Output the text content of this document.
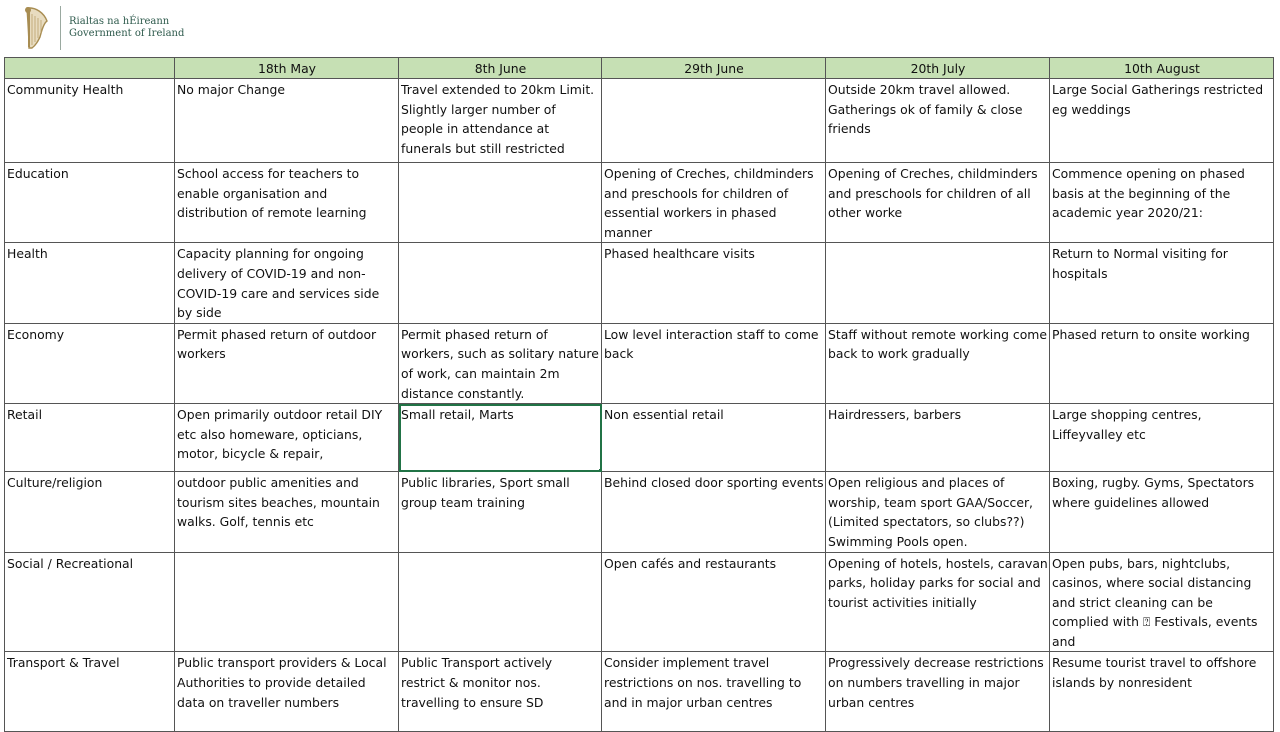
Rialtas na hÉireann
Government of Ireland
	18th May	8th June	29th June	20th July	10th August
Community Health	No major Change	Travel extended to 20km Limit. Slightly larger number of people in attendance at funerals but still restricted		Outside 20km travel allowed. Gatherings ok of family & close friends	Large Social Gatherings restricted eg weddings
Education	School access for teachers to enable organisation and distribution of remote learning		Opening of Creches, childminders and preschools for children of essential workers in phased manner	Opening of Creches, childminders and preschools for children of all other worke	Commence opening on phased basis at the beginning of the academic year 2020/21:
Health	Capacity planning for ongoing delivery of COVID-19 and non-COVID-19 care and services side by side		Phased healthcare visits		Return to Normal visiting for hospitals
Economy	Permit phased return of outdoor workers	Permit phased return of workers, such as solitary nature of work, can maintain 2m distance constantly.	Low level interaction staff to come back	Staff without remote working come back to work gradually	Phased return to onsite working
Retail	Open primarily outdoor retail DIY etc also homeware, opticians, motor, bicycle & repair,	Small retail, Marts	Non essential retail	Hairdressers, barbers	Large shopping centres, Liffeyvalley etc
Culture/religion	outdoor public amenities and tourism sites beaches, mountain walks. Golf, tennis etc	Public libraries, Sport small group team training	Behind closed door sporting events	Open religious and places of worship, team sport GAA/Soccer, (Limited spectators, so clubs??) Swimming Pools open.	Boxing, rugby. Gyms, Spectators where guidelines allowed
Social / Recreational			Open cafés and restaurants	Opening of hotels, hostels, caravan parks, holiday parks for social and tourist activities initially	Open pubs, bars, nightclubs, casinos, where social distancing and strict cleaning can be complied with ⍰ Festivals, events and
Transport & Travel	Public transport providers & Local Authorities to provide detailed data on traveller numbers	Public Transport actively restrict & monitor nos. travelling to ensure SD	Consider implement travel restrictions on nos. travelling to and in major urban centres	Progressively decrease restrictions on numbers travelling in major urban centres	Resume tourist travel to offshore islands by nonresident
